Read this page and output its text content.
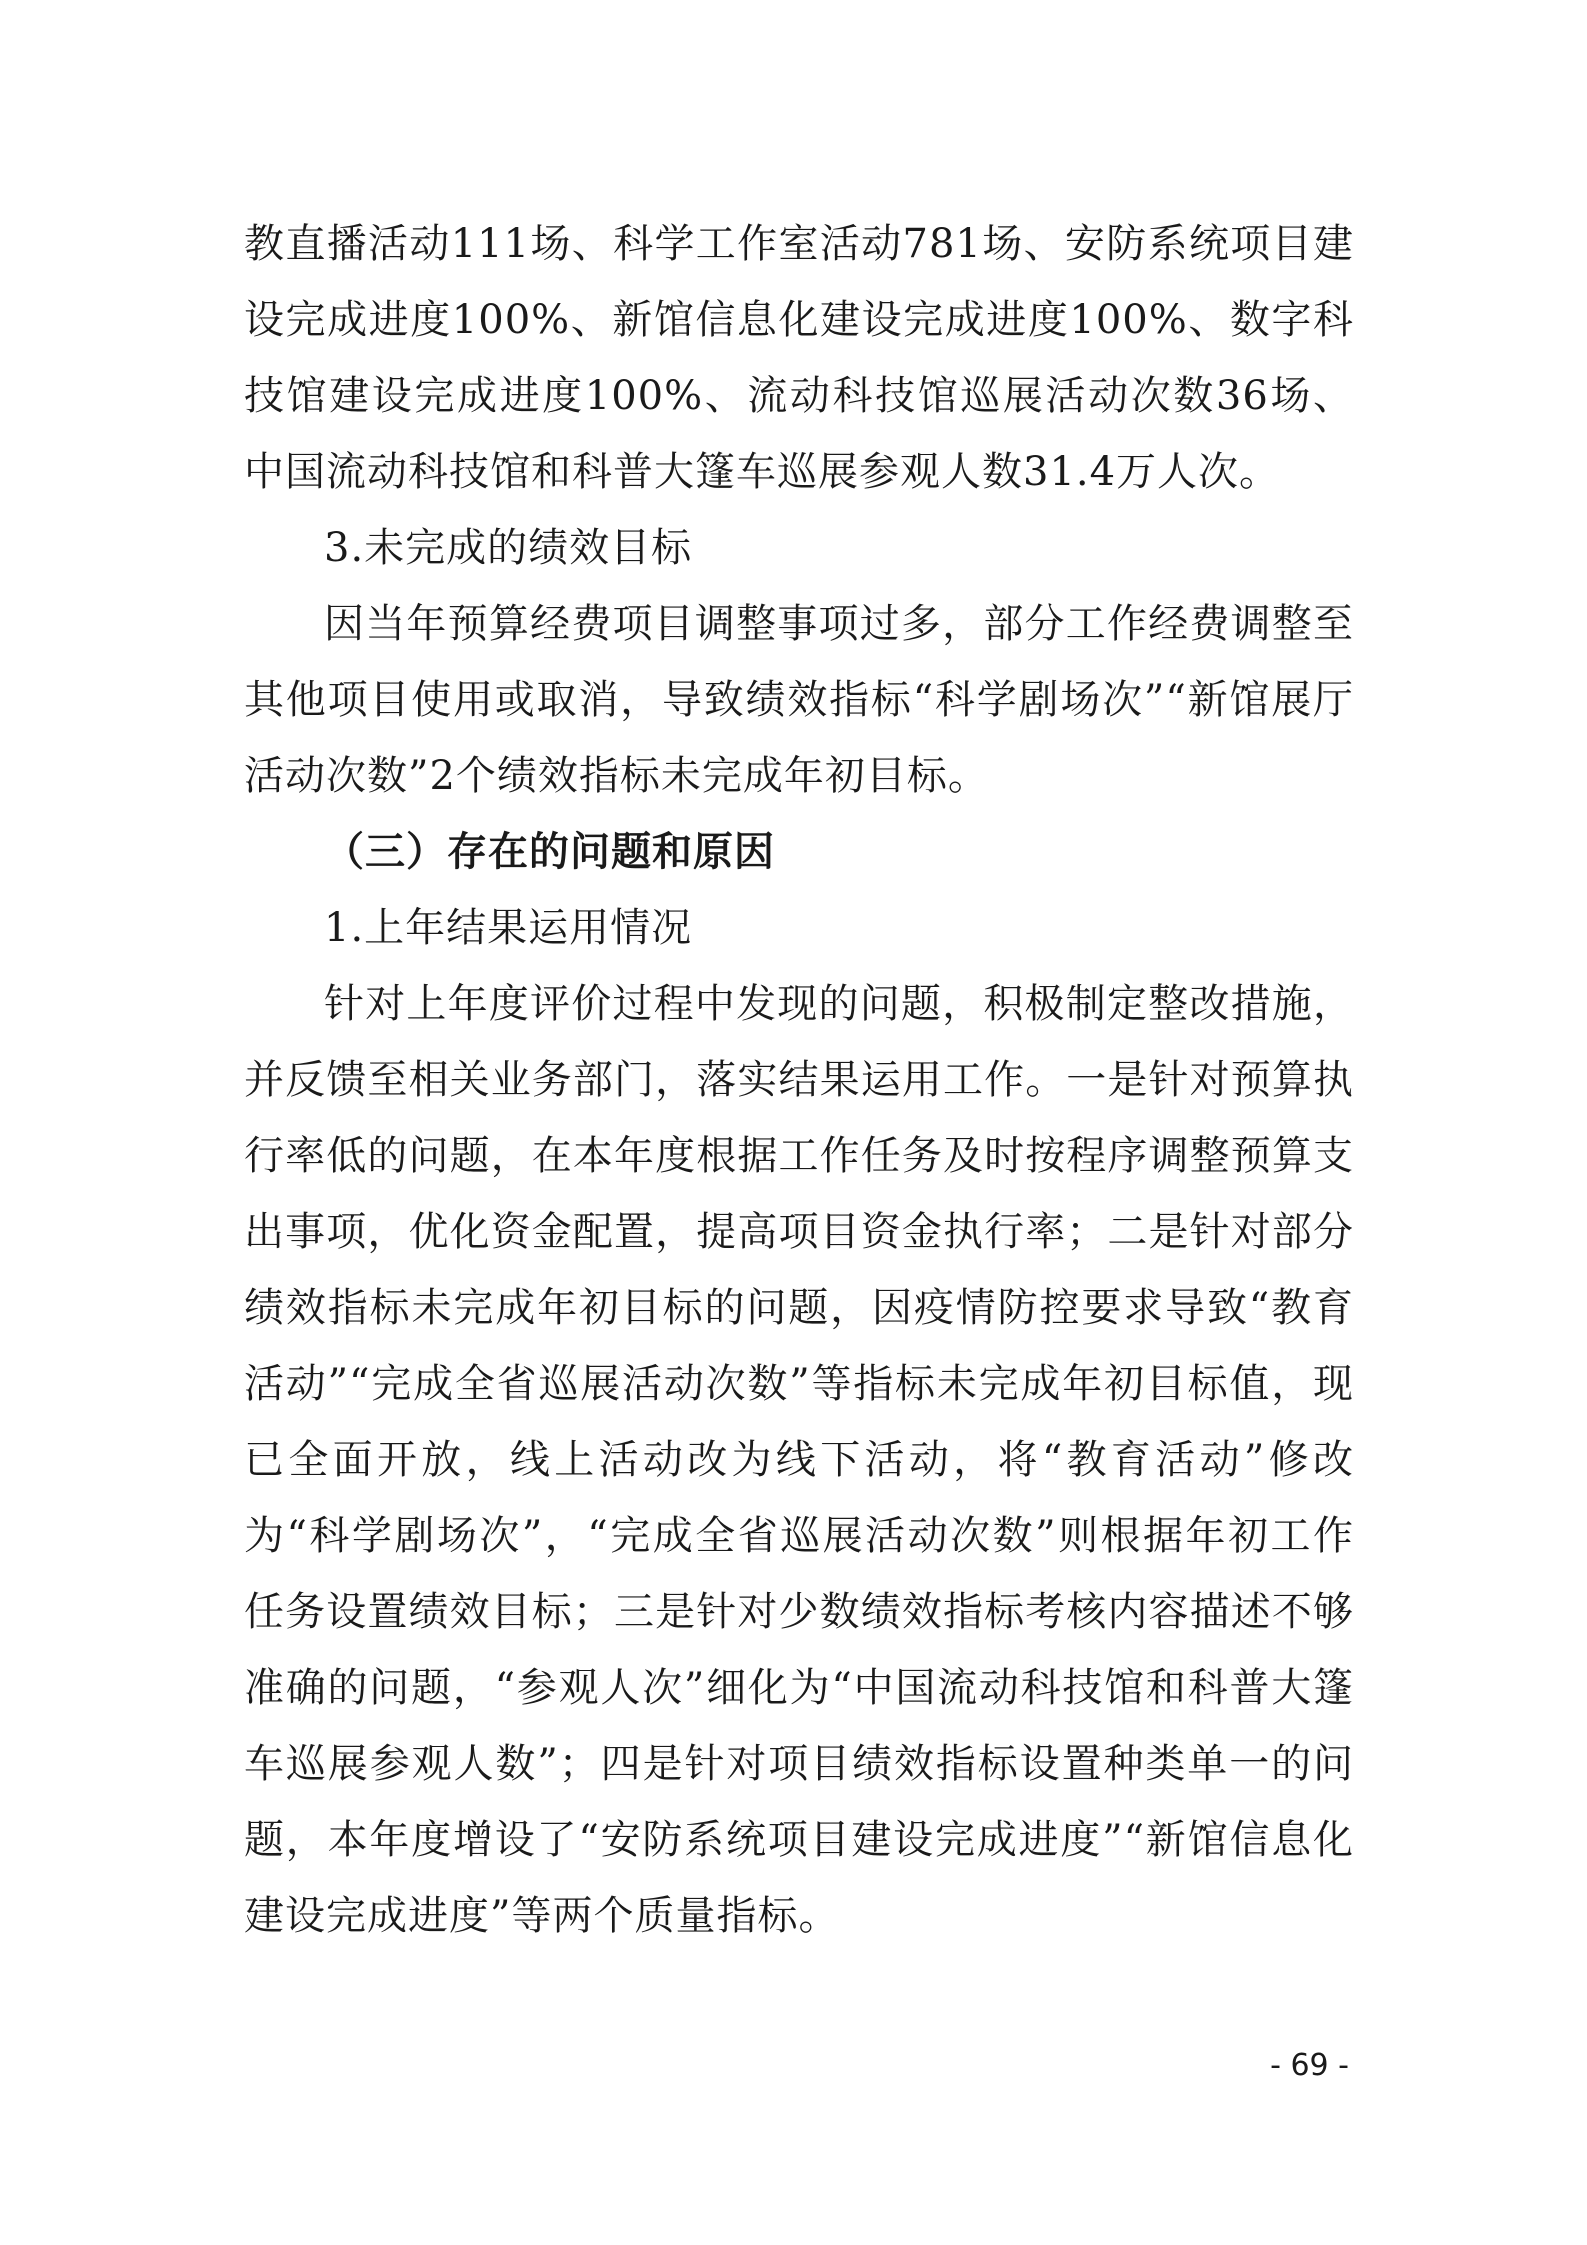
教直播活动111场、科学工作室活动781场、安防系统项目建设完成进度100%、新馆信息化建设完成进度100%、数字科技馆建设完成进度100%、流动科技馆巡展活动次数36场、中国流动科技馆和科普大篷车巡展参观人数31.4万人次。

3.未完成的绩效目标

因当年预算经费项目调整事项过多，部分工作经费调整至其他项目使用或取消，导致绩效指标“科学剧场次”“新馆展厅活动次数”2个绩效指标未完成年初目标。

（三）存在的问题和原因

1.上年结果运用情况

针对上年度评价过程中发现的问题，积极制定整改措施，并反馈至相关业务部门，落实结果运用工作。一是针对预算执行率低的问题，在本年度根据工作任务及时按程序调整预算支出事项，优化资金配置，提高项目资金执行率；二是针对部分绩效指标未完成年初目标的问题，因疫情防控要求导致“教育活动”“完成全省巡展活动次数”等指标未完成年初目标值，现已全面开放，线上活动改为线下活动，将“教育活动”修改为“科学剧场次”，“完成全省巡展活动次数”则根据年初工作任务设置绩效目标；三是针对少数绩效指标考核内容描述不够准确的问题，“参观人次”细化为“中国流动科技馆和科普大篷车巡展参观人数”；四是针对项目绩效指标设置种类单一的问题，本年度增设了“安防系统项目建设完成进度”“新馆信息化建设完成进度”等两个质量指标。

- 69 -
